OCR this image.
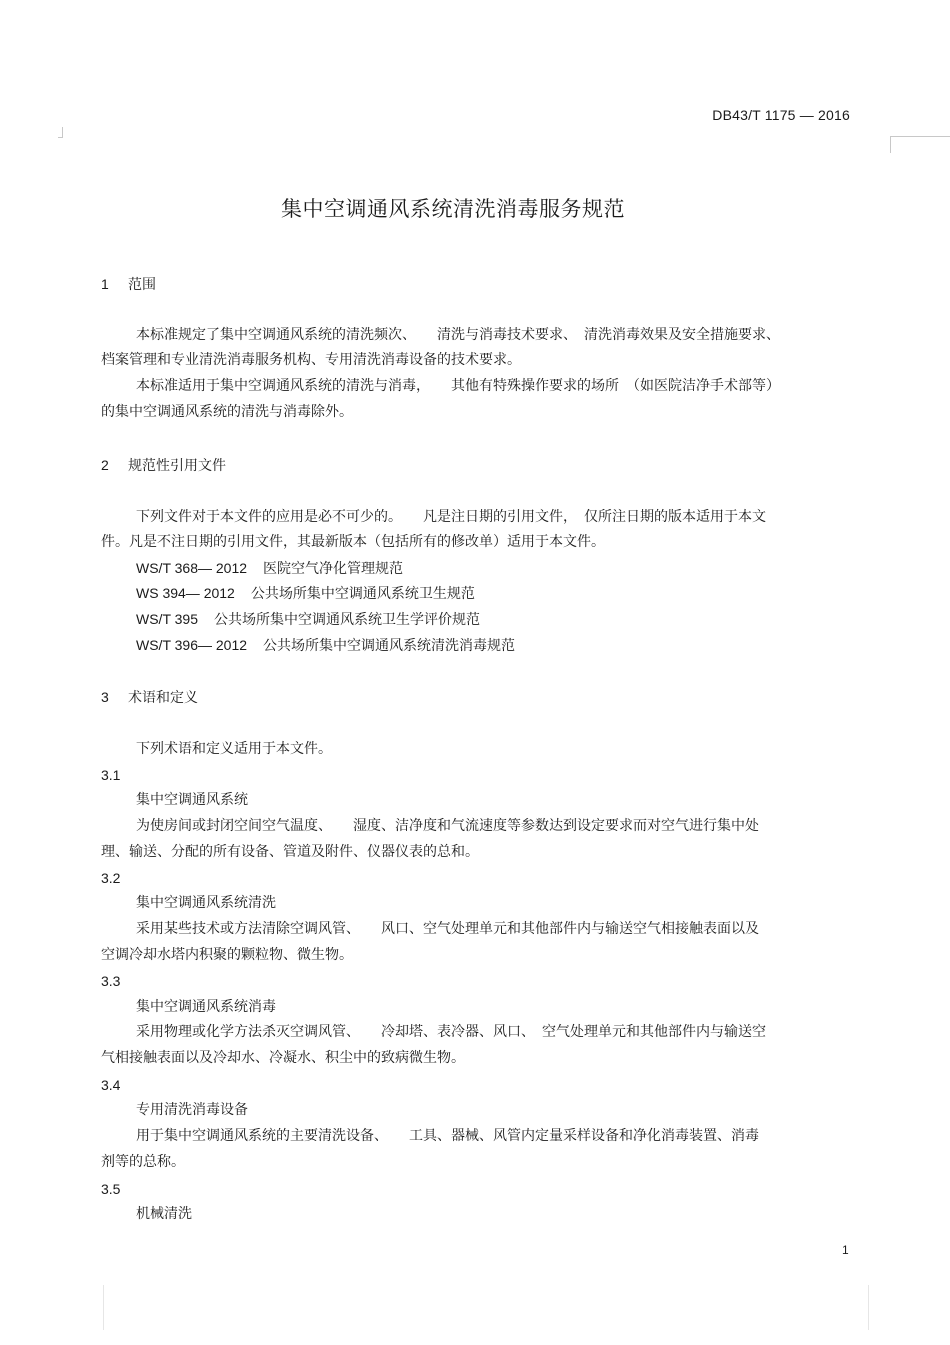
DB43/T 1175 — 2016
集中空调通风系统清洗消毒服务规范
1 范围
本标准规定了集中空调通风系统的清洗频次、　　清洗与消毒技术要求、　清洗消毒效果及安全措施要求、
档案管理和专业清洗消毒服务机构、专用清洗消毒设备的技术要求。
本标准适用于集中空调通风系统的清洗与消毒，　　其他有特殊操作要求的场所　（如医院洁净手术部等）
的集中空调通风系统的清洗与消毒除外。
2 规范性引用文件
下列文件对于本文件的应用是必不可少的。　　凡是注日期的引用文件，　仅所注日期的版本适用于本文
件。凡是不注日期的引用文件，其最新版本（包括所有的修改单）适用于本文件。
WS/T 368— 2012 医院空气净化管理规范
WS 394— 2012 公共场所集中空调通风系统卫生规范
WS/T 395 公共场所集中空调通风系统卫生学评价规范
WS/T 396— 2012 公共场所集中空调通风系统清洗消毒规范
3 术语和定义
下列术语和定义适用于本文件。
3.1
集中空调通风系统
为使房间或封闭空间空气温度、　　湿度、洁净度和气流速度等参数达到设定要求而对空气进行集中处
理、输送、分配的所有设备、管道及附件、仪器仪表的总和。
3.2
集中空调通风系统清洗
采用某些技术或方法清除空调风管、　　风口、空气处理单元和其他部件内与输送空气相接触表面以及
空调冷却水塔内积聚的颗粒物、微生物。
3.3
集中空调通风系统消毒
采用物理或化学方法杀灭空调风管、　　冷却塔、表冷器、风口、　空气处理单元和其他部件内与输送空
气相接触表面以及冷却水、冷凝水、积尘中的致病微生物。
3.4
专用清洗消毒设备
用于集中空调通风系统的主要清洗设备、　　工具、器械、风管内定量采样设备和净化消毒装置、消毒
剂等的总称。
3.5
机械清洗
1
